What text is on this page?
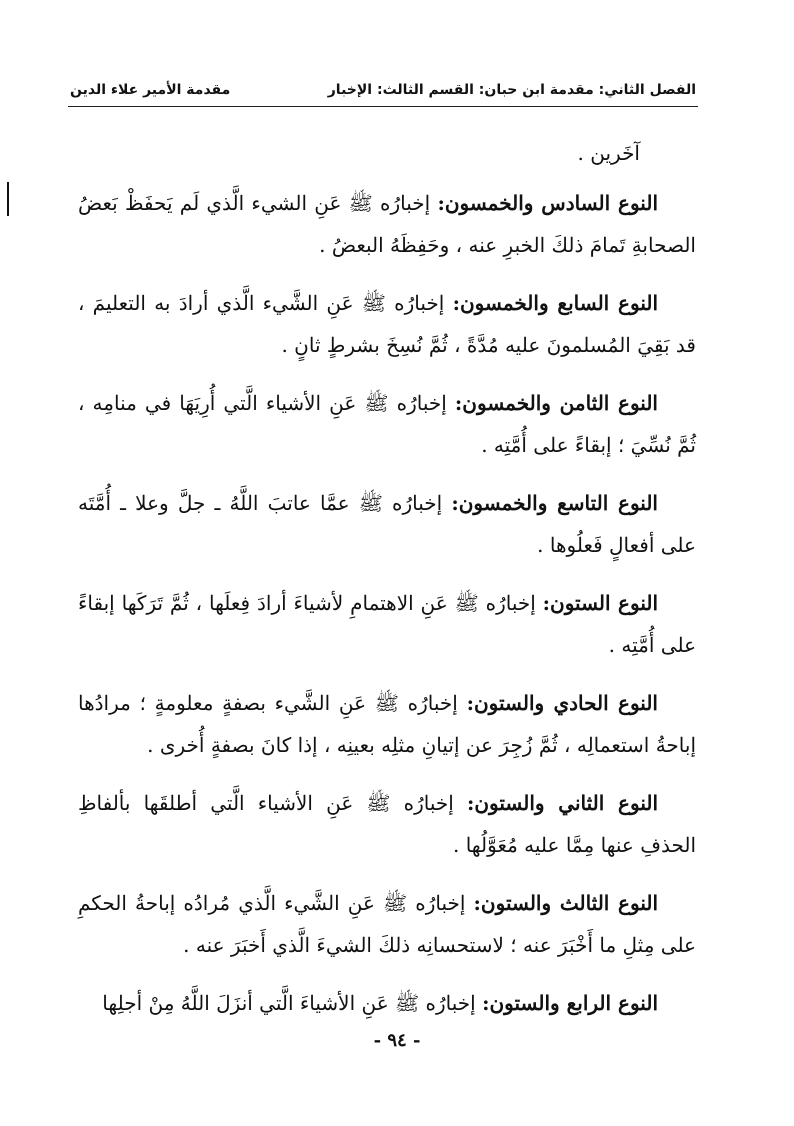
الفصل الثاني: مقدمة ابن حبان: القسم الثالث: الإخبار
مقدمة الأمير علاء الدين

آخَرين .

النوع السادس والخمسون: إخبارُه ﷺ عَنِ الشيء الَّذي لَم يَحفَظْ بَعضُ الصحابةِ تَمامَ ذلكَ الخبرِ عنه ، وحَفِظَهُ البعضُ .

النوع السابع والخمسون: إخبارُه ﷺ عَنِ الشَّيء الَّذي أرادَ به التعليمَ ، قد بَقِيَ المُسلمونَ عليه مُدَّةً ، ثُمَّ نُسِخَ بشرطٍ ثانٍ .

النوع الثامن والخمسون: إخبارُه ﷺ عَنِ الأشياء الَّتي أُرِيَهَا في منامِه ، ثُمَّ نُسِّيَ ؛ إبقاءً على أُمَّتِه .

النوع التاسع والخمسون: إخبارُه ﷺ عمَّا عاتبَ اللَّهُ ـ جلَّ وعلا ـ أُمَّتَه على أفعالٍ فَعلُوها .

النوع الستون: إخبارُه ﷺ عَنِ الاهتمامِ لأشياءَ أرادَ فِعلَها ، ثُمَّ تَرَكَها إبقاءً على أُمَّتِه .

النوع الحادي والستون: إخبارُه ﷺ عَنِ الشَّيء بصفةٍ معلومةٍ ؛ مرادُها إباحةُ استعمالِه ، ثُمَّ زُجِرَ عن إتيانِ مثلِه بعينِه ، إذا كانَ بصفةٍ أُخرى .

النوع الثاني والستون: إخبارُه ﷺ عَنِ الأشياء الَّتي أطلقَها بألفاظِ الحذفِ عنها مِمَّا عليه مُعَوَّلُها .

النوع الثالث والستون: إخبارُه ﷺ عَنِ الشَّيء الَّذي مُرادُه إباحةُ الحكمِ على مِثلِ ما أَخْبَرَ عنه ؛ لاستحسانِه ذلكَ الشيءَ الَّذي أَخبَرَ عنه .

النوع الرابع والستون: إخبارُه ﷺ عَنِ الأشياءَ الَّتي أنزَلَ اللَّهُ مِنْ أجلِها

- ٩٤ -
